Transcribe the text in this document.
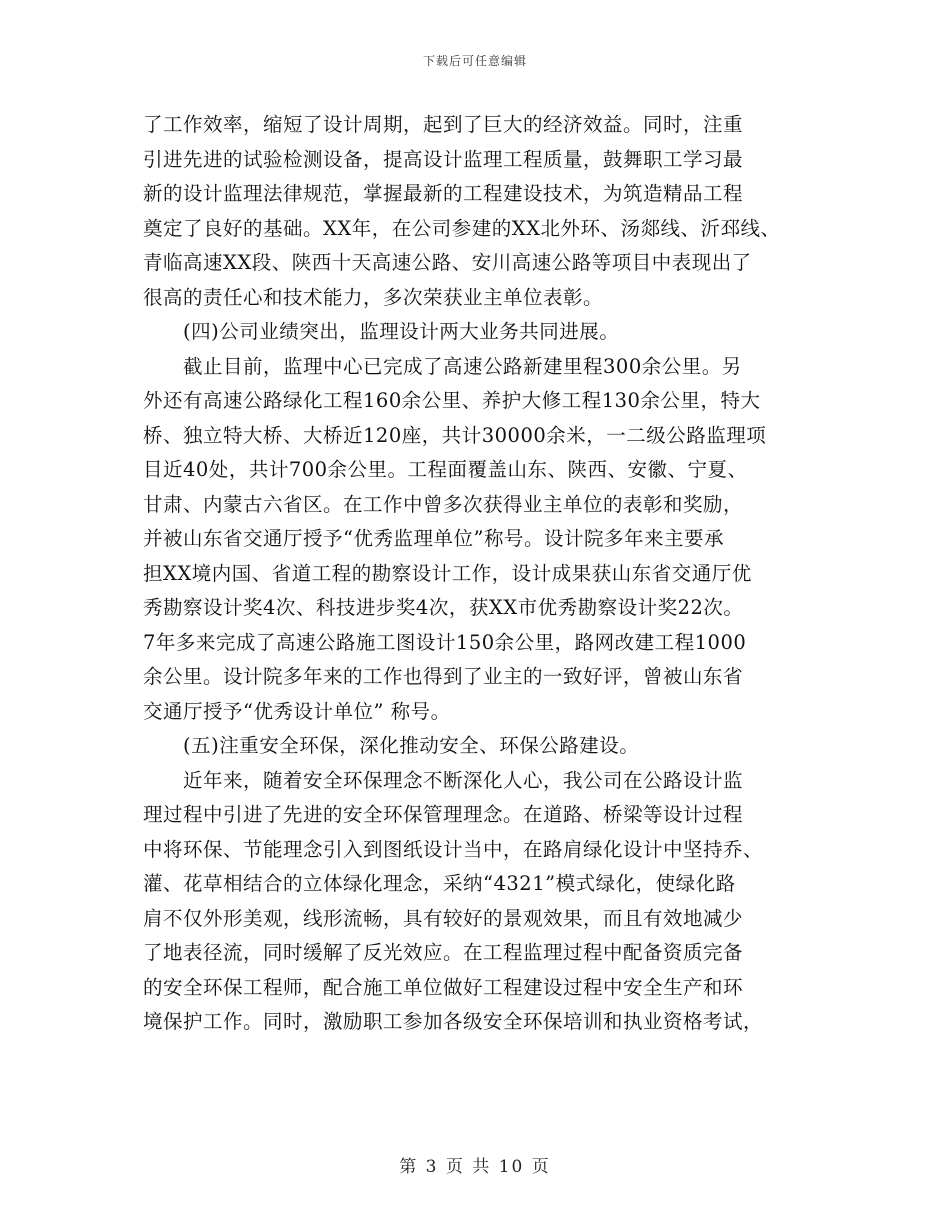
下载后可任意编辑
了工作效率，缩短了设计周期，起到了巨大的经济效益。同时，注重
引进先进的试验检测设备，提高设计监理工程质量，鼓舞职工学习最
新的设计监理法律规范，掌握最新的工程建设技术，为筑造精品工程
奠定了良好的基础。XX年，在公司参建的XX北外环、汤郯线、沂邳线、
青临高速XX段、陕西十天高速公路、安川高速公路等项目中表现出了
很高的责任心和技术能力，多次荣获业主单位表彰。
(四)公司业绩突出，监理设计两大业务共同进展。
截止目前，监理中心已完成了高速公路新建里程300余公里。另
外还有高速公路绿化工程160余公里、养护大修工程130余公里，特大
桥、独立特大桥、大桥近120座，共计30000余米，一二级公路监理项
目近40处，共计700余公里。工程面覆盖山东、陕西、安徽、宁夏、
甘肃、内蒙古六省区。在工作中曾多次获得业主单位的表彰和奖励，
并被山东省交通厅授予“优秀监理单位”称号。设计院多年来主要承
担XX境内国、省道工程的勘察设计工作，设计成果获山东省交通厅优
秀勘察设计奖4次、科技进步奖4次，获XX市优秀勘察设计奖22次。
7年多来完成了高速公路施工图设计150余公里，路网改建工程1000
余公里。设计院多年来的工作也得到了业主的一致好评，曾被山东省
交通厅授予“优秀设计单位” 称号。
(五)注重安全环保，深化推动安全、环保公路建设。
近年来，随着安全环保理念不断深化人心，我公司在公路设计监
理过程中引进了先进的安全环保管理理念。在道路、桥梁等设计过程
中将环保、节能理念引入到图纸设计当中，在路肩绿化设计中坚持乔、
灌、花草相结合的立体绿化理念，采纳“4321”模式绿化，使绿化路
肩不仅外形美观，线形流畅，具有较好的景观效果，而且有效地减少
了地表径流，同时缓解了反光效应。在工程监理过程中配备资质完备
的安全环保工程师，配合施工单位做好工程建设过程中安全生产和环
境保护工作。同时，激励职工参加各级安全环保培训和执业资格考试，
第 3 页 共 10 页
